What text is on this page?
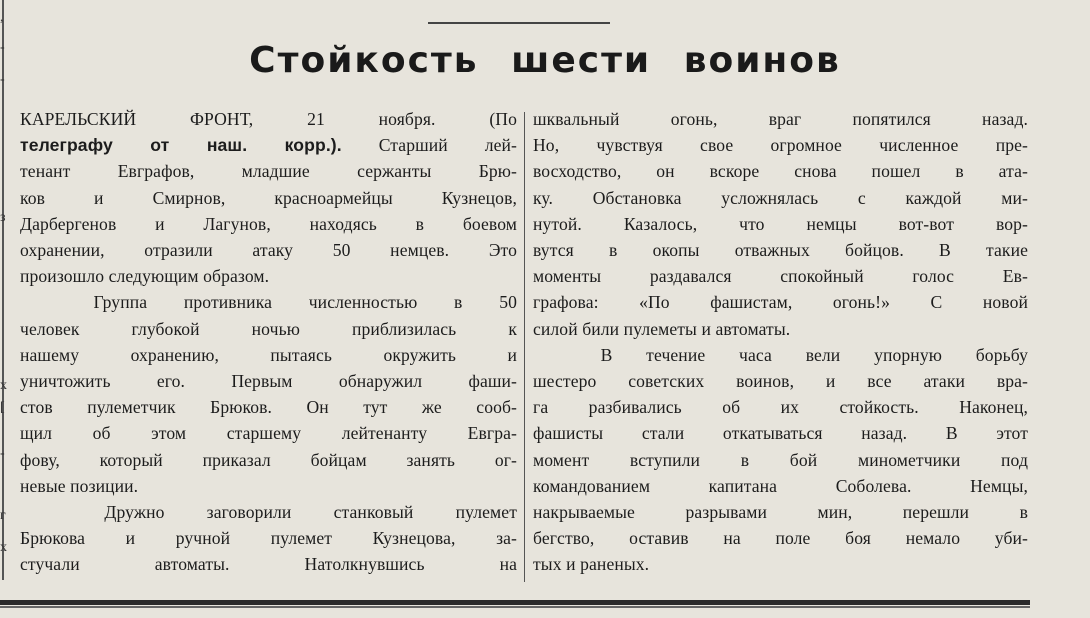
,
-
-
з
х
[
-
г
х
Стойкость шести воинов
КАРЕЛЬСКИЙ ФРОНТ, 21 ноября. (По
телеграфу от наш. корр.). Старший лей-
тенант Евграфов, младшие сержанты Брю-
ков и Смирнов, красноармейцы Кузнецов,
Дарбергенов и Лагунов, находясь в боевом
охранении, отразили атаку 50 немцев. Это
произошло следующим образом.
Группа противника численностью в 50
человек глубокой ночью приблизилась к
нашему охранению, пытаясь окружить и
уничтожить его. Первым обнаружил фаши-
стов пулеметчик Брюков. Он тут же сооб-
щил об этом старшему лейтенанту Евгра-
фову, который приказал бойцам занять ог-
невые позиции.
Дружно заговорили станковый пулемет
Брюкова и ручной пулемет Кузнецова, за-
стучали автоматы. Натолкнувшись на
шквальный огонь, враг попятился назад.
Но, чувствуя свое огромное численное пре-
восходство, он вскоре снова пошел в ата-
ку. Обстановка усложнялась с каждой ми-
нутой. Казалось, что немцы вот-вот вор-
вутся в окопы отважных бойцов. В такие
моменты раздавался спокойный голос Ев-
графова: «По фашистам, огонь!» С новой
силой били пулеметы и автоматы.
В течение часа вели упорную борьбу
шестеро советских воинов, и все атаки вра-
га разбивались об их стойкость. Наконец,
фашисты стали откатываться назад. В этот
момент вступили в бой минометчики под
командованием капитана Соболева. Немцы,
накрываемые разрывами мин, перешли в
бегство, оставив на поле боя немало уби-
тых и раненых.
